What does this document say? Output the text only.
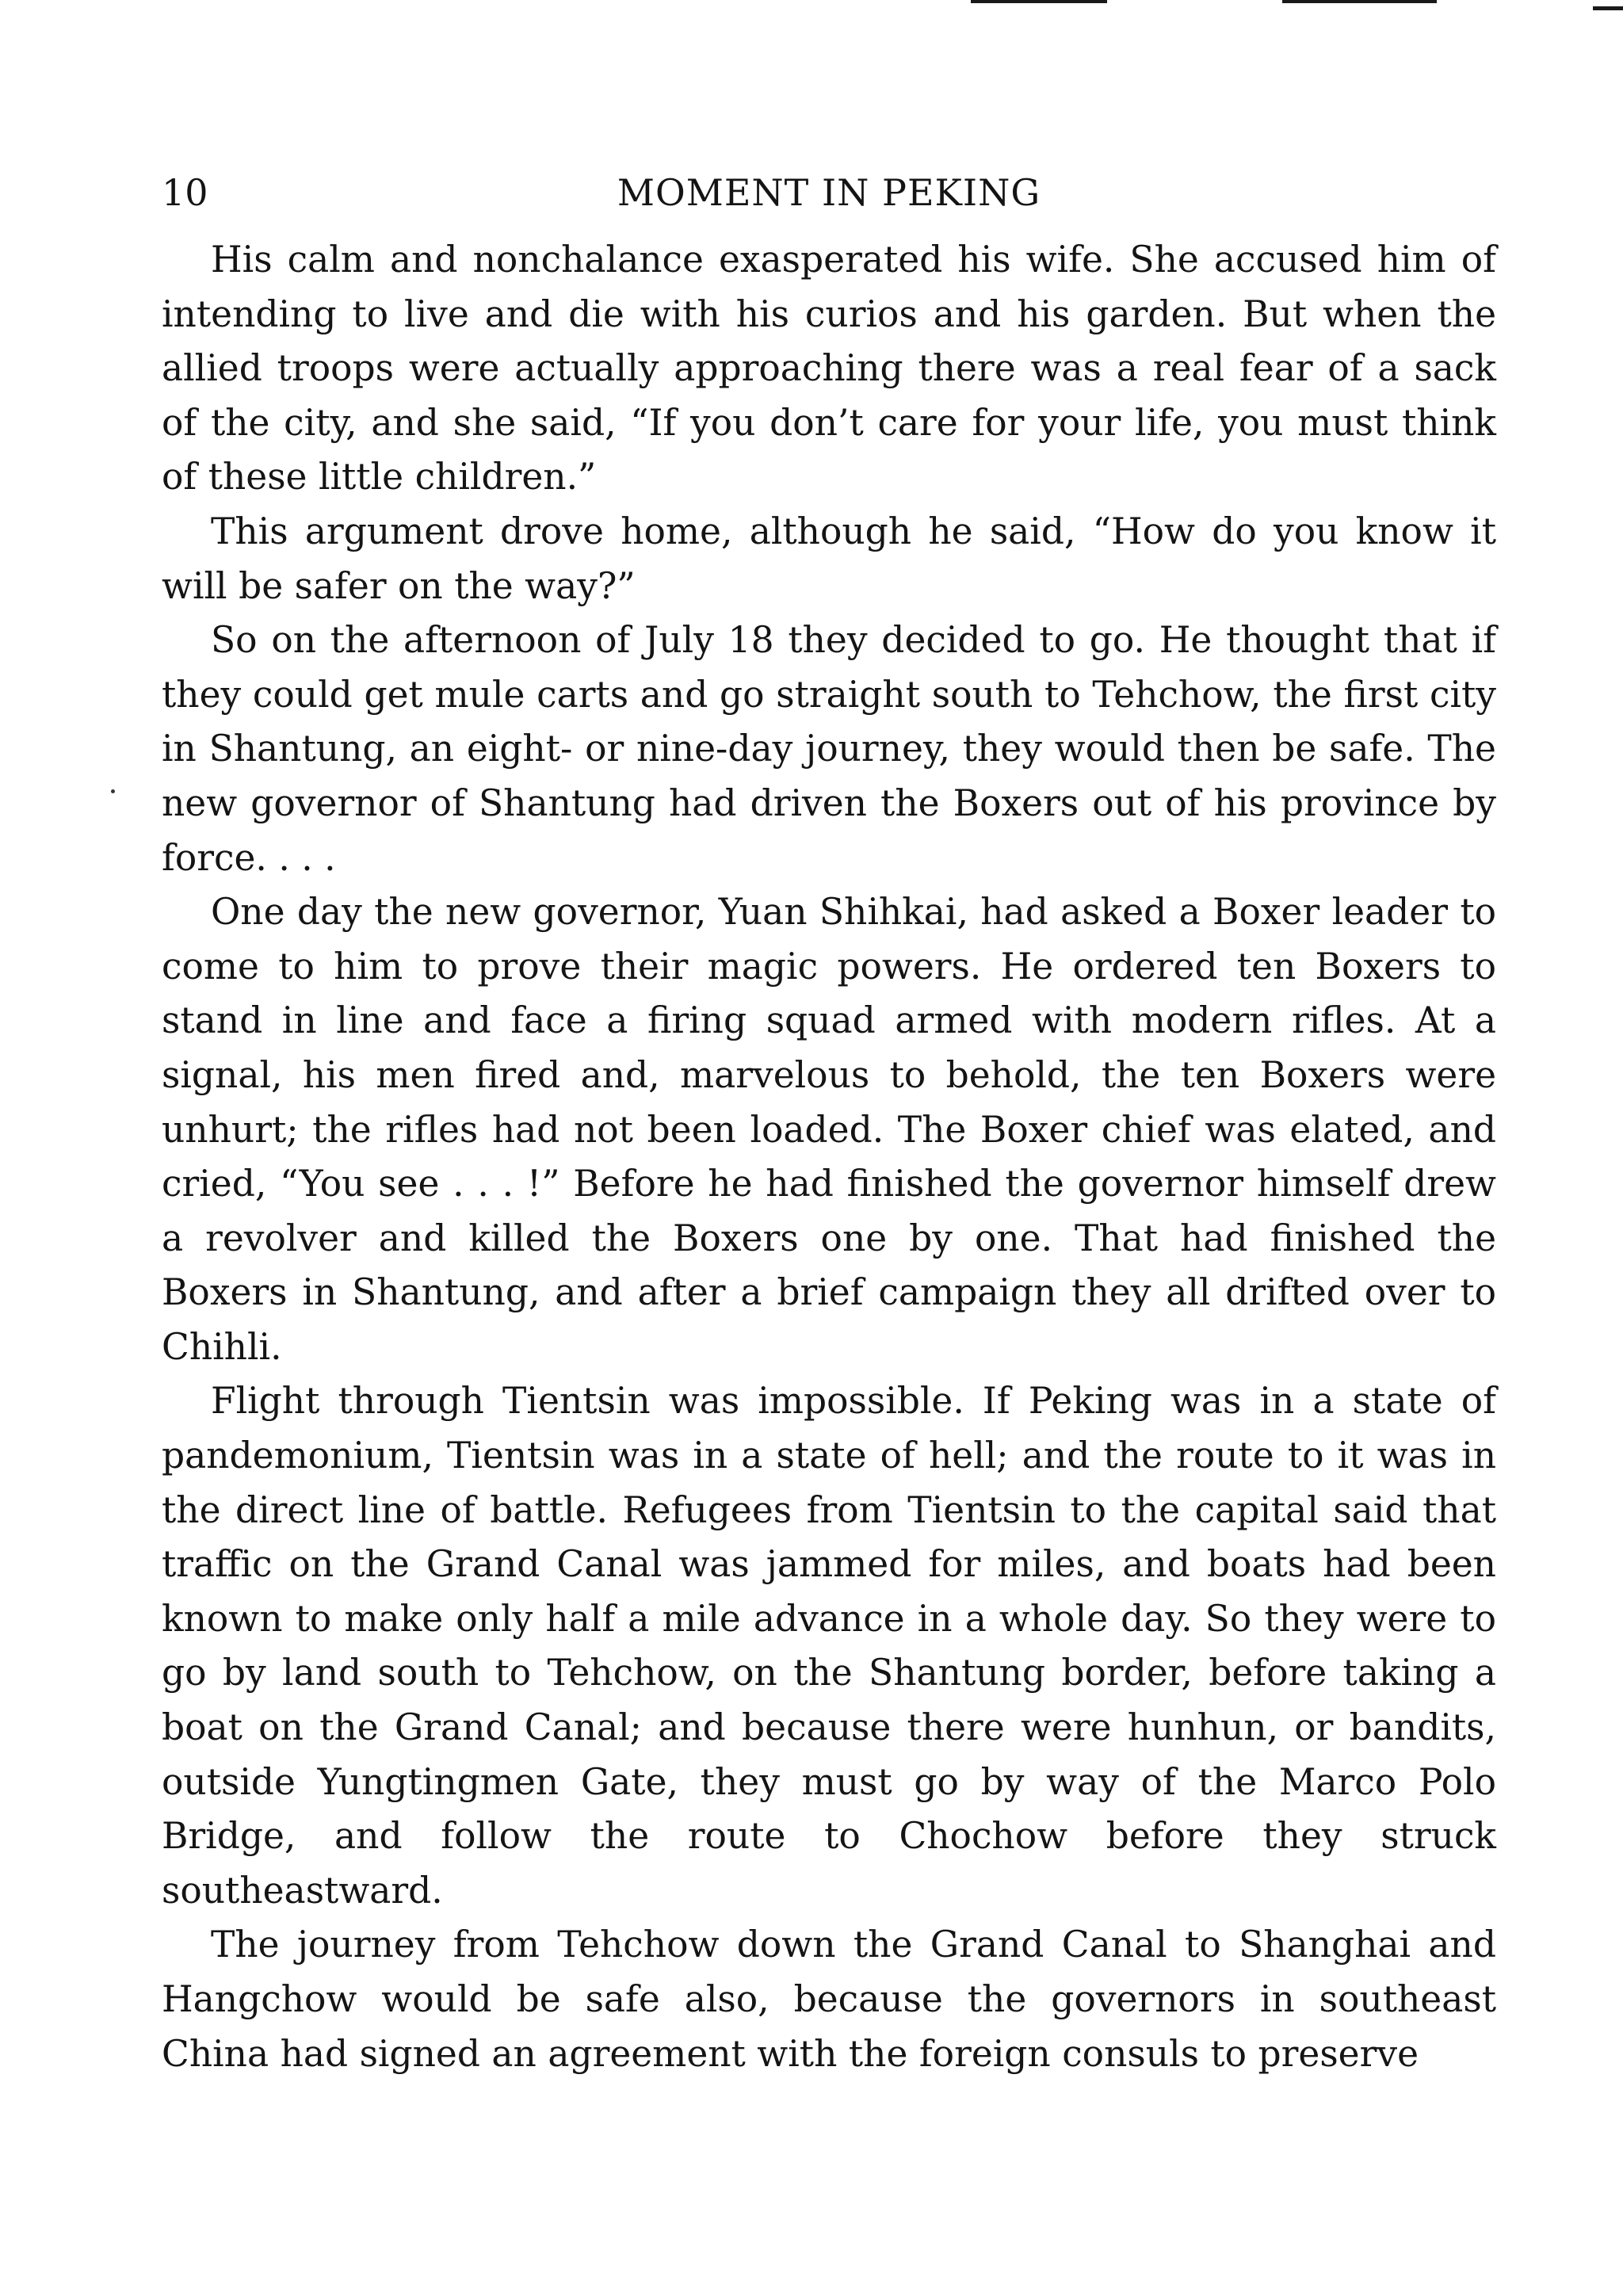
10	MOMENT IN PEKING

His calm and nonchalance exasperated his wife. She accused him of intending to live and die with his curios and his garden. But when the allied troops were actually approaching there was a real fear of a sack of the city, and she said, “If you don’t care for your life, you must think of these little children.”

This argument drove home, although he said, “How do you know it will be safer on the way?”

So on the afternoon of July 18 they decided to go. He thought that if they could get mule carts and go straight south to Tehchow, the first city in Shantung, an eight- or nine-day journey, they would then be safe. The new governor of Shantung had driven the Boxers out of his province by force. . . .

One day the new governor, Yuan Shihkai, had asked a Boxer leader to come to him to prove their magic powers. He ordered ten Boxers to stand in line and face a firing squad armed with modern rifles. At a signal, his men fired and, marvelous to behold, the ten Boxers were unhurt; the rifles had not been loaded. The Boxer chief was elated, and cried, “You see . . . !” Before he had finished the governor himself drew a revolver and killed the Boxers one by one. That had finished the Boxers in Shantung, and after a brief campaign they all drifted over to Chihli.

Flight through Tientsin was impossible. If Peking was in a state of pandemonium, Tientsin was in a state of hell; and the route to it was in the direct line of battle. Refugees from Tientsin to the capital said that traffic on the Grand Canal was jammed for miles, and boats had been known to make only half a mile advance in a whole day. So they were to go by land south to Tehchow, on the Shantung border, before taking a boat on the Grand Canal; and because there were hunhun, or bandits, outside Yungtingmen Gate, they must go by way of the Marco Polo Bridge, and follow the route to Chochow before they struck southeastward.

The journey from Tehchow down the Grand Canal to Shanghai and Hangchow would be safe also, because the governors in southeast China had signed an agreement with the foreign consuls to preserve
